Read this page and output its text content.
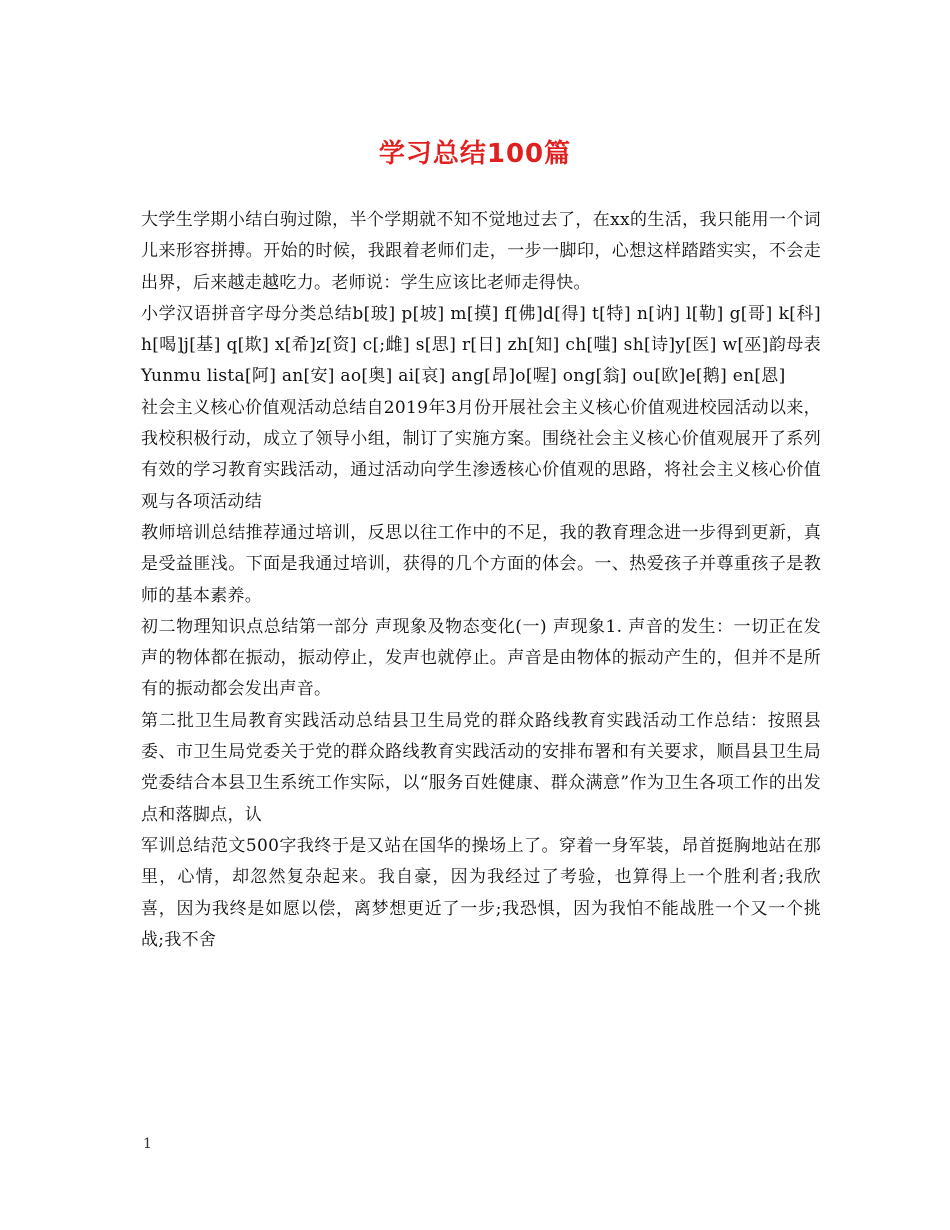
学习总结100篇

大学生学期小结白驹过隙，半个学期就不知不觉地过去了，在xx的生活，我只能用一个词儿来形容拼搏。开始的时候，我跟着老师们走，一步一脚印，心想这样踏踏实实，不会走出界，后来越走越吃力。老师说：学生应该比老师走得快。

小学汉语拼音字母分类总结b[玻] p[坡] m[摸] f[佛]d[得] t[特] n[讷] l[勒] g[哥] k[科] h[喝]j[基] q[欺] x[希]z[资] c[;雌] s[思] r[日] zh[知] ch[嗤] sh[诗]y[医] w[巫]韵母表Yunmu lista[阿] an[安] ao[奥] ai[哀] ang[昂]o[喔] ong[翁] ou[欧]e[鹅] en[恩]

社会主义核心价值观活动总结自2019年3月份开展社会主义核心价值观进校园活动以来，我校积极行动，成立了领导小组，制订了实施方案。围绕社会主义核心价值观展开了系列有效的学习教育实践活动，通过活动向学生渗透核心价值观的思路，将社会主义核心价值观与各项活动结

教师培训总结推荐通过培训，反思以往工作中的不足，我的教育理念进一步得到更新，真是受益匪浅。下面是我通过培训，获得的几个方面的体会。一、热爱孩子并尊重孩子是教师的基本素养。

初二物理知识点总结第一部分 声现象及物态变化(一) 声现象1. 声音的发生：一切正在发声的物体都在振动，振动停止，发声也就停止。声音是由物体的振动产生的，但并不是所有的振动都会发出声音。

第二批卫生局教育实践活动总结县卫生局党的群众路线教育实践活动工作总结：按照县委、市卫生局党委关于党的群众路线教育实践活动的安排布署和有关要求，顺昌县卫生局党委结合本县卫生系统工作实际，以“服务百姓健康、群众满意”作为卫生各项工作的出发点和落脚点，认

军训总结范文500字我终于是又站在国华的操场上了。穿着一身军装，昂首挺胸地站在那里，心情，却忽然复杂起来。我自豪，因为我经过了考验，也算得上一个胜利者;我欣喜，因为我终是如愿以偿，离梦想更近了一步;我恐惧，因为我怕不能战胜一个又一个挑战;我不舍

1
